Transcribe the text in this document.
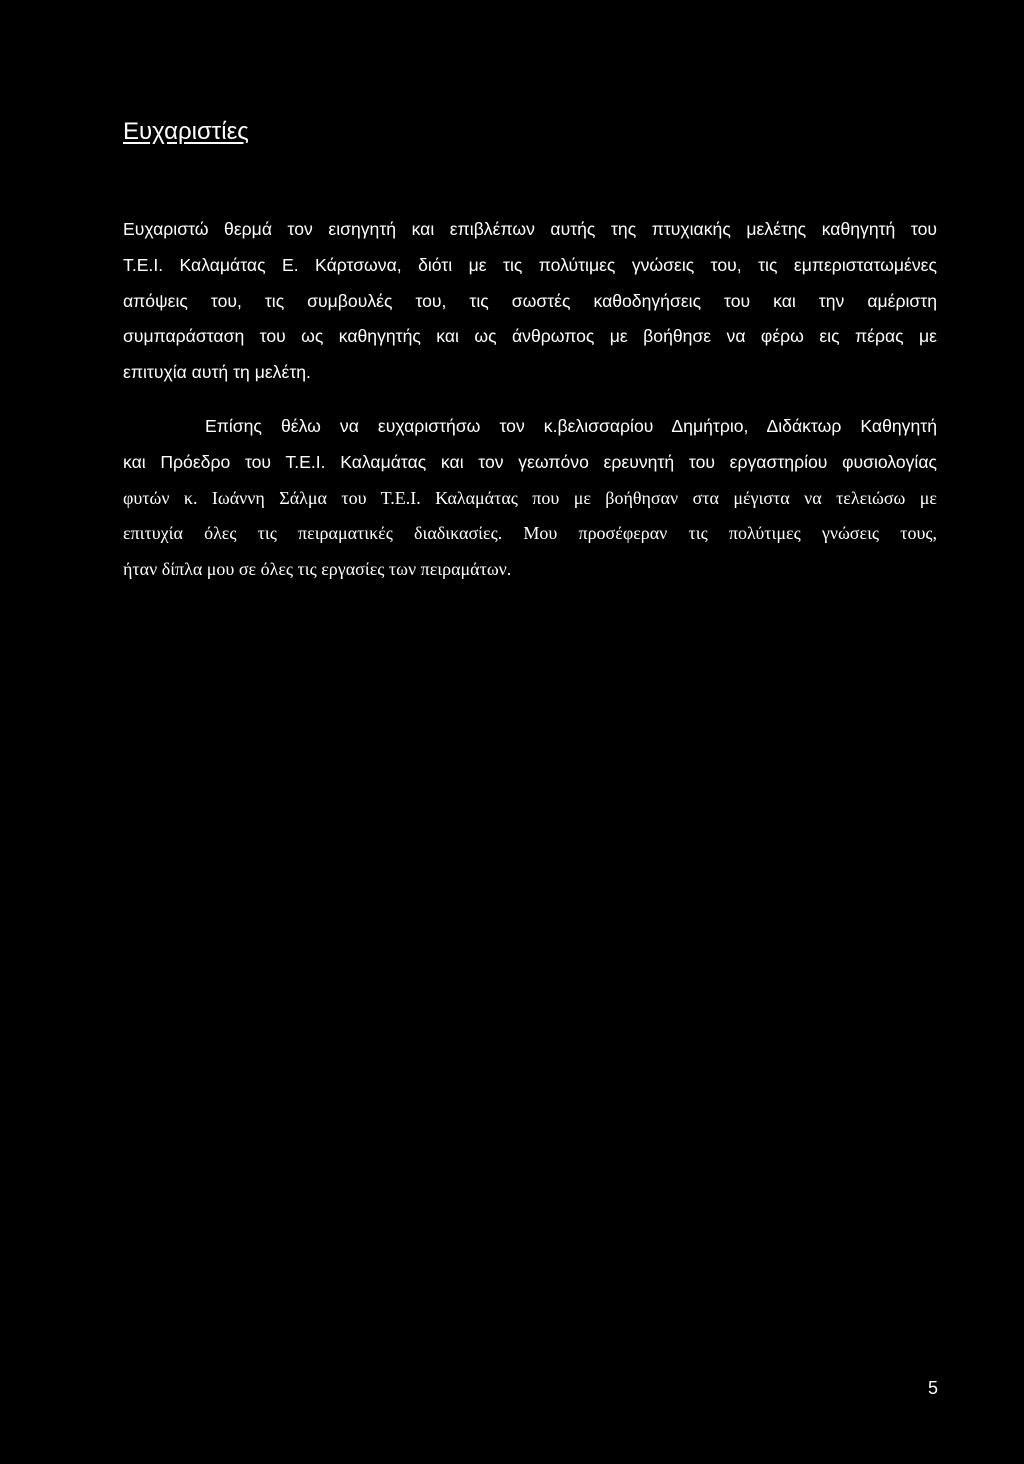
Ευχαριστίες
Ευχαριστώ θερμά τον εισηγητή και επιβλέπων αυτής της πτυχιακής μελέτης καθηγητή του
Τ.Ε.Ι. Καλαμάτας Ε. Κάρτσωνα, διότι με τις πολύτιμες γνώσεις του, τις εμπεριστατωμένες
απόψεις του, τις συμβουλές του, τις σωστές καθοδηγήσεις του και την αμέριστη
συμπαράσταση του ως καθηγητής και ως άνθρωπος με βοήθησε να φέρω εις πέρας με
επιτυχία αυτή τη μελέτη.
Επίσης θέλω να ευχαριστήσω τον κ.βελισσαρίου Δημήτριο, Διδάκτωρ Καθηγητή
και Πρόεδρο του Τ.Ε.Ι. Καλαμάτας και τον γεωπόνο ερευνητή του εργαστηρίου φυσιολογίας
φυτών κ. Ιωάννη Σάλμα του Τ.Ε.Ι. Καλαμάτας που με βοήθησαν στα μέγιστα να τελειώσω με
επιτυχία όλες τις πειραματικές διαδικασίες. Μου προσέφεραν τις πολύτιμες γνώσεις τους,
ήταν δίπλα μου σε όλες τις εργασίες των πειραμάτων.
5
